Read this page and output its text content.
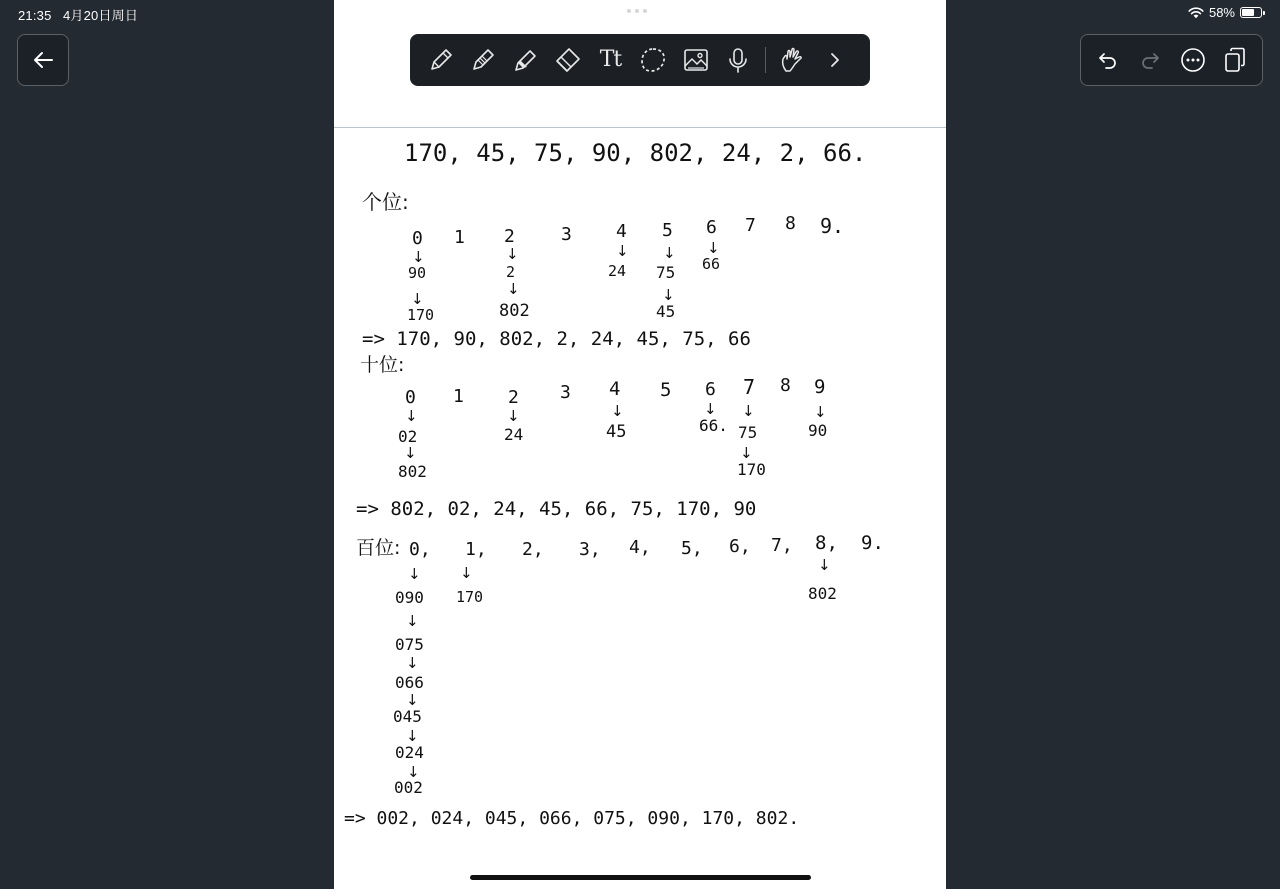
21:35 4月20日周日	58%
Tt
170, 45, 75, 90, 802, 24, 2, 66.
个位:
0 1 2	3 4 5 6 7 8 9.
↓
90
↓
170
↓
2
↓
802
↓
24
↓
75
↓
45
↓
66
=> 170, 90, 802, 2, 24, 45, 75, 66
十位:
0 1 2 3 4 5 6 7 8 9
↓
02
↓
802
↓
24
↓
45
↓
66.
↓
75
↓
170
↓
90
=> 802, 02, 24, 45, 66, 75, 170, 90
百位: 0, 1, 2, 3, 4, 5, 6, 7, 8, 9.
↓
090
↓
075
↓
066
↓
045
↓
024
↓
002
↓
170
↓
802
=> 002, 024, 045, 066, 075, 090, 170, 802.
